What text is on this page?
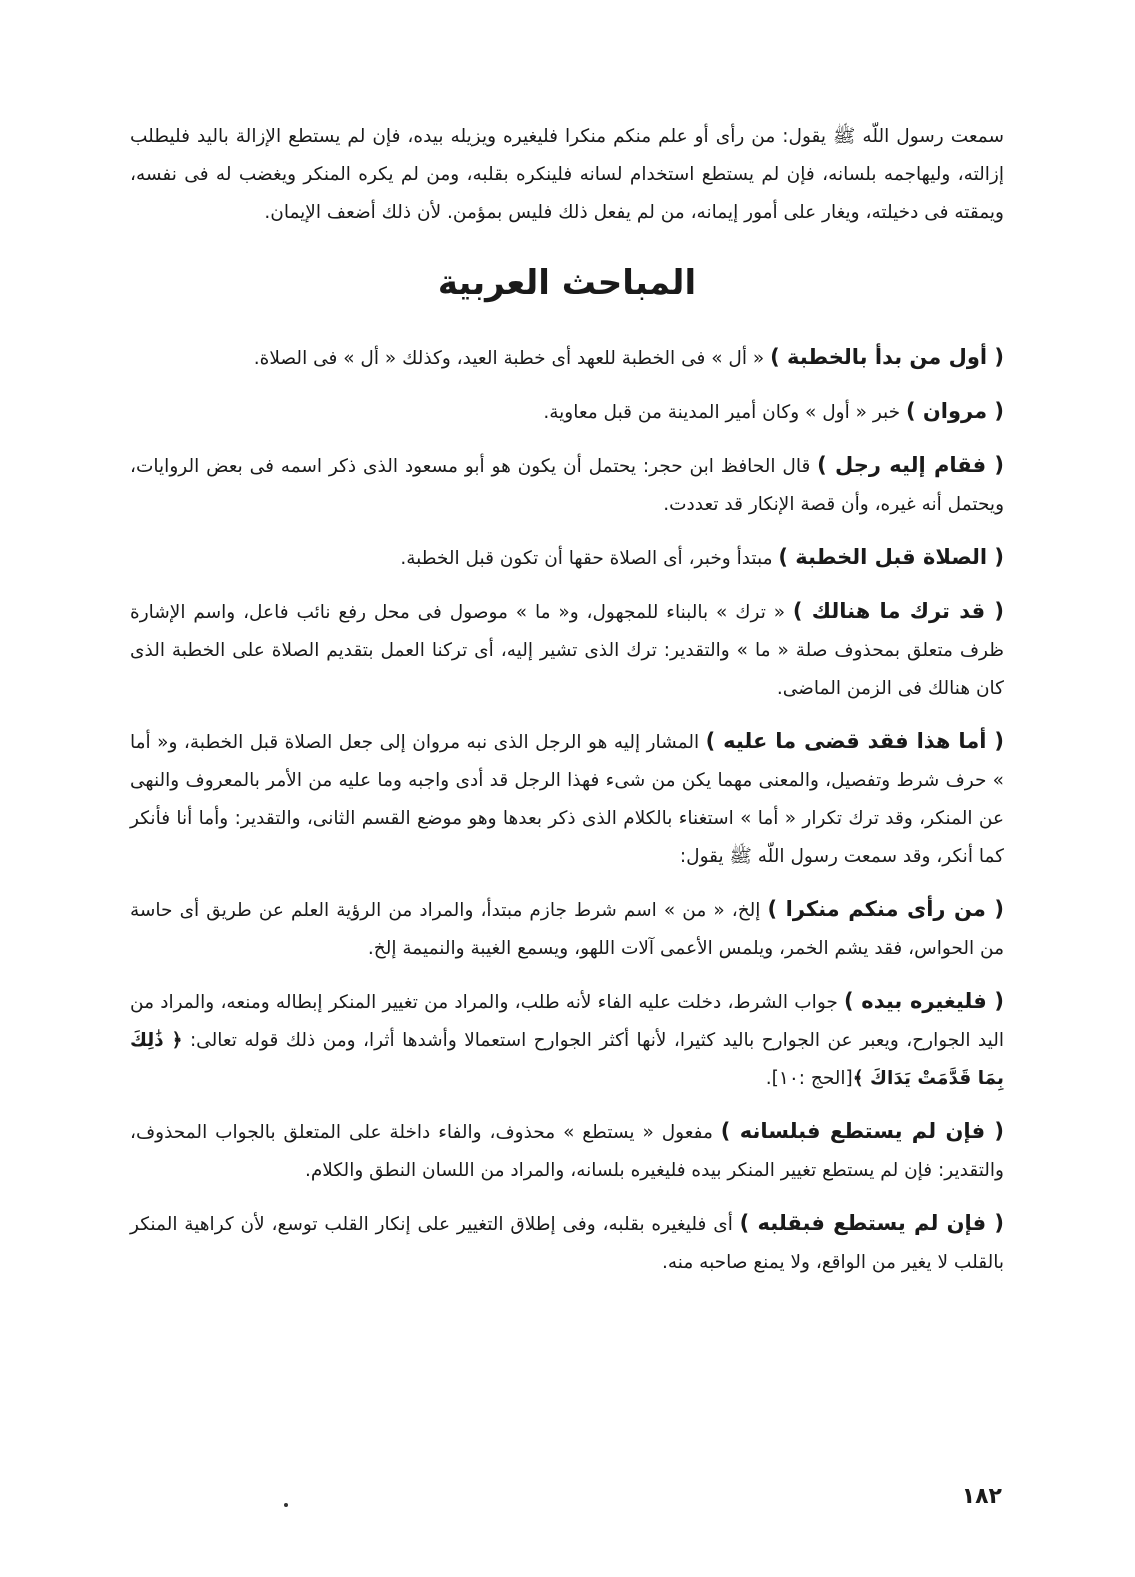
سمعت رسول اللّه ﷺ يقول: من رأى أو علم منكم منكرا فليغيره ويزيله بيده، فإن لم يستطع الإزالة باليد فليطلب إزالته، وليهاجمه بلسانه، فإن لم يستطع استخدام لسانه فلينكره بقلبه، ومن لم يكره المنكر ويغضب له فى نفسه، ويمقته فى دخيلته، ويغار على أمور إيمانه، من لم يفعل ذلك فليس بمؤمن. لأن ذلك أضعف الإيمان.

المباحث العربية

( أول من بدأ بالخطبة ) « أل » فى الخطبة للعهد أى خطبة العيد، وكذلك « أل » فى الصلاة.

( مروان ) خبر « أول » وكان أمير المدينة من قبل معاوية.

( فقام إليه رجل ) قال الحافظ ابن حجر: يحتمل أن يكون هو أبو مسعود الذى ذكر اسمه فى بعض الروايات، ويحتمل أنه غيره، وأن قصة الإنكار قد تعددت.

( الصلاة قبل الخطبة ) مبتدأ وخبر، أى الصلاة حقها أن تكون قبل الخطبة.

( قد ترك ما هنالك ) « ترك » بالبناء للمجهول، و« ما » موصول فى محل رفع نائب فاعل، واسم الإشارة ظرف متعلق بمحذوف صلة « ما » والتقدير: ترك الذى تشير إليه، أى تركنا العمل بتقديم الصلاة على الخطبة الذى كان هنالك فى الزمن الماضى.

( أما هذا فقد قضى ما عليه ) المشار إليه هو الرجل الذى نبه مروان إلى جعل الصلاة قبل الخطبة، و« أما » حرف شرط وتفصيل، والمعنى مهما يكن من شىء فهذا الرجل قد أدى واجبه وما عليه من الأمر بالمعروف والنهى عن المنكر، وقد ترك تكرار « أما » استغناء بالكلام الذى ذكر بعدها وهو موضع القسم الثانى، والتقدير: وأما أنا فأنكر كما أنكر، وقد سمعت رسول اللّه ﷺ يقول:

( من رأى منكم منكرا ) إلخ، « من » اسم شرط جازم مبتدأ، والمراد من الرؤية العلم عن طريق أى حاسة من الحواس، فقد يشم الخمر، ويلمس الأعمى آلات اللهو، ويسمع الغيبة والنميمة إلخ.

( فليغيره بيده ) جواب الشرط، دخلت عليه الفاء لأنه طلب، والمراد من تغيير المنكر إبطاله ومنعه، والمراد من اليد الجوارح، ويعبر عن الجوارح باليد كثيرا، لأنها أكثر الجوارح استعمالا وأشدها أثرا، ومن ذلك قوله تعالى: ﴿ ذَٰلِكَ بِمَا قَدَّمَتْ يَدَاكَ ﴾[الحج :١٠].

( فإن لم يستطع فبلسانه ) مفعول « يستطع » محذوف، والفاء داخلة على المتعلق بالجواب المحذوف، والتقدير: فإن لم يستطع تغيير المنكر بيده فليغيره بلسانه، والمراد من اللسان النطق والكلام.

( فإن لم يستطع فبقلبه ) أى فليغيره بقلبه، وفى إطلاق التغيير على إنكار القلب توسع، لأن كراهية المنكر بالقلب لا يغير من الواقع، ولا يمنع صاحبه منه.

١٨٢
